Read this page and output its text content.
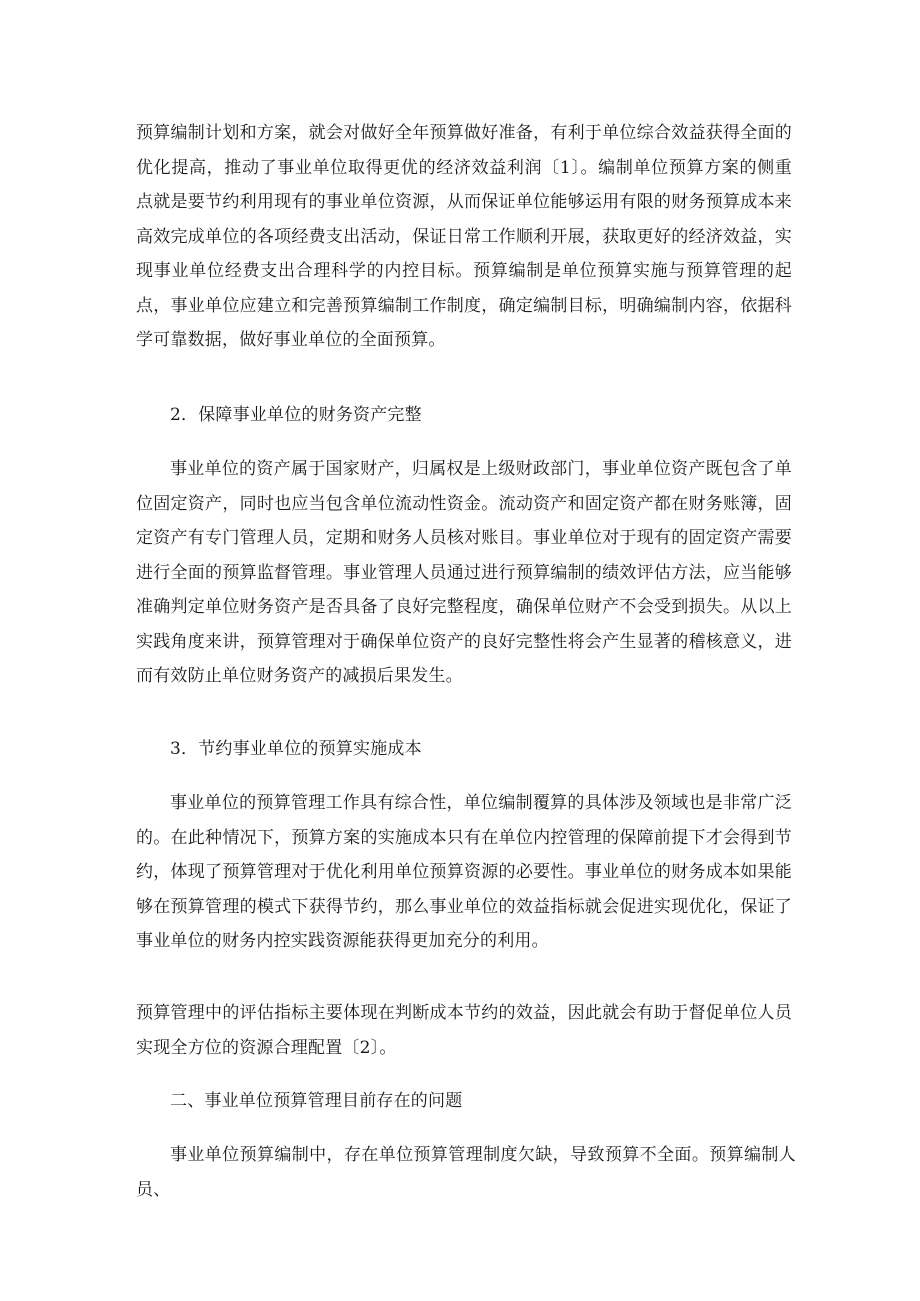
预算编制计划和方案，就会对做好全年预算做好准备，有利于单位综合效益获得全面的优化提高，推动了事业单位取得更优的经济效益利润〔1〕。编制单位预算方案的侧重点就是要节约利用现有的事业单位资源，从而保证单位能够运用有限的财务预算成本来高效完成单位的各项经费支出活动，保证日常工作顺利开展，获取更好的经济效益，实现事业单位经费支出合理科学的内控目标。预算编制是单位预算实施与预算管理的起点，事业单位应建立和完善预算编制工作制度，确定编制目标，明确编制内容，依据科学可靠数据，做好事业单位的全面预算。

2．保障事业单位的财务资产完整

事业单位的资产属于国家财产，归属权是上级财政部门，事业单位资产既包含了单位固定资产，同时也应当包含单位流动性资金。流动资产和固定资产都在财务账簿，固定资产有专门管理人员，定期和财务人员核对账目。事业单位对于现有的固定资产需要进行全面的预算监督管理。事业管理人员通过进行预算编制的绩效评估方法，应当能够准确判定单位财务资产是否具备了良好完整程度，确保单位财产不会受到损失。从以上实践角度来讲，预算管理对于确保单位资产的良好完整性将会产生显著的稽核意义，进而有效防止单位财务资产的减损后果发生。

3．节约事业单位的预算实施成本

事业单位的预算管理工作具有综合性，单位编制覆算的具体涉及领域也是非常广泛的。在此种情况下，预算方案的实施成本只有在单位内控管理的保障前提下才会得到节约，体现了预算管理对于优化利用单位预算资源的必要性。事业单位的财务成本如果能够在预算管理的模式下获得节约，那么事业单位的效益指标就会促进实现优化，保证了事业单位的财务内控实践资源能获得更加充分的利用。

预算管理中的评估指标主要体现在判断成本节约的效益，因此就会有助于督促单位人员实现全方位的资源合理配置〔2〕。

二、事业单位预算管理目前存在的问题

事业单位预算编制中，存在单位预算管理制度欠缺，导致预算不全面。预算编制人员、
